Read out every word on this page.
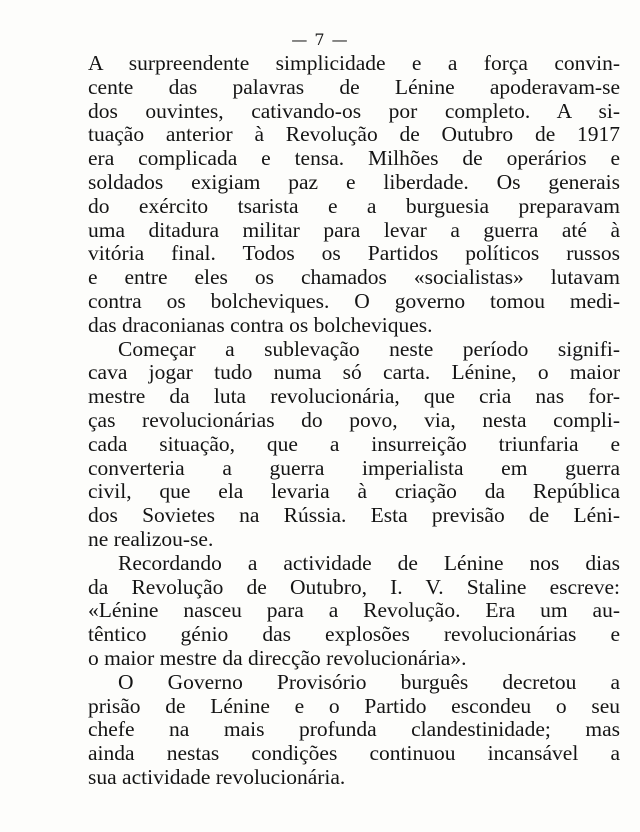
— 7 —
A surpreendente simplicidade e a força convin-
cente das palavras de Lénine apoderavam-se
dos ouvintes, cativando-os por completo. A si-
tuação anterior à Revolução de Outubro de 1917
era complicada e tensa. Milhões de operários e
soldados exigiam paz e liberdade. Os generais
do exército tsarista e a burguesia preparavam
uma ditadura militar para levar a guerra até à
vitória final. Todos os Partidos políticos russos
e entre eles os chamados «socialistas» lutavam
contra os bolcheviques. O governo tomou medi-
das draconianas contra os bolcheviques.
Começar a sublevação neste período signifi-
cava jogar tudo numa só carta. Lénine, o maior
mestre da luta revolucionária, que cria nas for-
ças revolucionárias do povo, via, nesta compli-
cada situação, que a insurreição triunfaria e
converteria a guerra imperialista em guerra
civil, que ela levaria à criação da República
dos Sovietes na Rússia. Esta previsão de Léni-
ne realizou-se.
Recordando a actividade de Lénine nos dias
da Revolução de Outubro, I. V. Staline escreve:
«Lénine nasceu para a Revolução. Era um au-
têntico génio das explosões revolucionárias e
o maior mestre da direcção revolucionária».
O Governo Provisório burguês decretou a
prisão de Lénine e o Partido escondeu o seu
chefe na mais profunda clandestinidade; mas
ainda nestas condições continuou incansável a
sua actividade revolucionária.
